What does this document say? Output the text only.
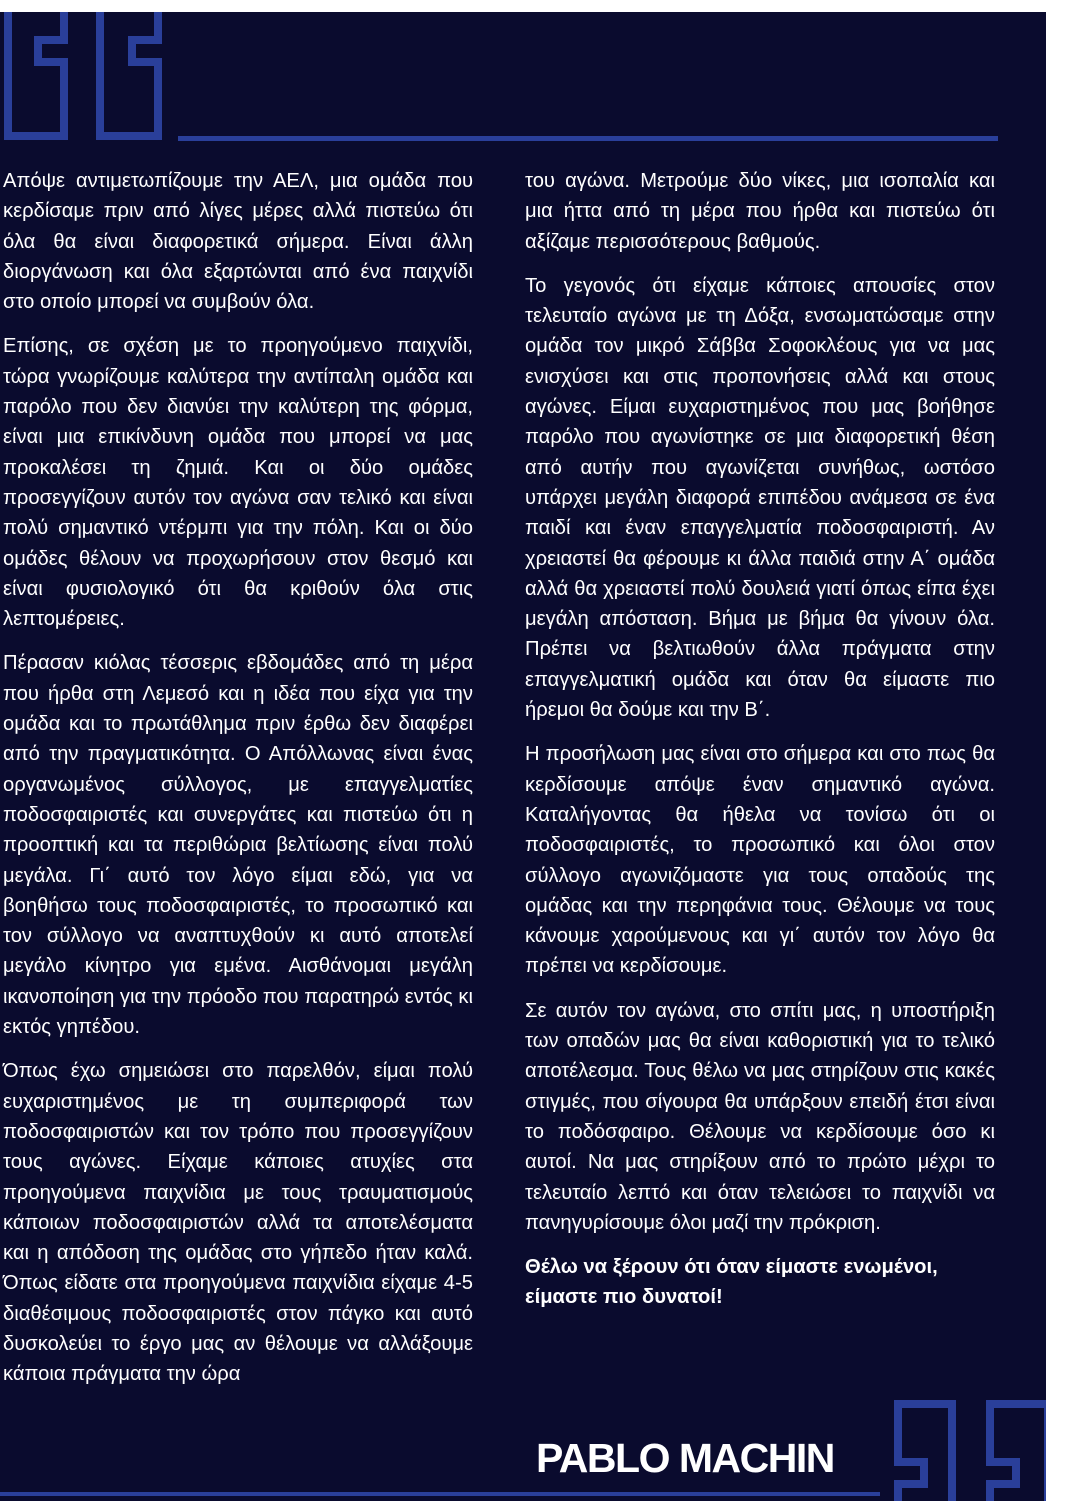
Απόψε αντιμετωπίζουμε την ΑΕΛ, μια ομάδα που κερδίσαμε πριν από λίγες μέρες αλλά πιστεύω ότι όλα θα είναι διαφορετικά σήμερα. Είναι άλλη διοργάνωση και όλα εξαρτώνται από ένα παιχνίδι στο οποίο μπορεί να συμβούν όλα.

Επίσης, σε σχέση με το προηγούμενο παιχνίδι, τώρα γνωρίζουμε καλύτερα την αντίπαλη ομάδα και παρόλο που δεν διανύει την καλύτερη της φόρμα, είναι μια επικίνδυνη ομάδα που μπορεί να μας προκαλέσει τη ζημιά. Και οι δύο ομάδες προσεγγίζουν αυτόν τον αγώνα σαν τελικό και είναι πολύ σημαντικό ντέρμπι για την πόλη. Και οι δύο ομάδες θέλουν να προχωρήσουν στον θεσμό και είναι φυσιολογικό ότι θα κριθούν όλα στις λεπτομέρειες.

Πέρασαν κιόλας τέσσερις εβδομάδες από τη μέρα που ήρθα στη Λεμεσό και η ιδέα που είχα για την ομάδα και το πρωτάθλημα πριν έρθω δεν διαφέρει από την πραγματικότητα. Ο Απόλλωνας είναι ένας οργανωμένος σύλλογος, με επαγγελματίες ποδοσφαιριστές και συνεργάτες και πιστεύω ότι η προοπτική και τα περιθώρια βελτίωσης είναι πολύ μεγάλα. Γι΄ αυτό τον λόγο είμαι εδώ, για να βοηθήσω τους ποδοσφαιριστές, το προσωπικό και τον σύλλογο να αναπτυχθούν κι αυτό αποτελεί μεγάλο κίνητρο για εμένα. Αισθάνομαι μεγάλη ικανοποίηση για την πρόοδο που παρατηρώ εντός κι εκτός γηπέδου.

Όπως έχω σημειώσει στο παρελθόν, είμαι πολύ ευχαριστημένος με τη συμπεριφορά των ποδοσφαιριστών και τον τρόπο που προσεγγίζουν τους αγώνες. Είχαμε κάποιες ατυχίες στα προηγούμενα παιχνίδια με τους τραυματισμούς κάποιων ποδοσφαιριστών αλλά τα αποτελέσματα και η απόδοση της ομάδας στο γήπεδο ήταν καλά. Όπως είδατε στα προηγούμενα παιχνίδια είχαμε 4-5 διαθέσιμους ποδοσφαιριστές στον πάγκο και αυτό δυσκολεύει το έργο μας αν θέλουμε να αλλάξουμε κάποια πράγματα την ώρα

του αγώνα. Μετρούμε δύο νίκες, μια ισοπαλία και μια ήττα από τη μέρα που ήρθα και πιστεύω ότι αξίζαμε περισσότερους βαθμούς.

Το γεγονός ότι είχαμε κάποιες απουσίες στον τελευταίο αγώνα με τη Δόξα, ενσωματώσαμε στην ομάδα τον μικρό Σάββα Σοφοκλέους για να μας ενισχύσει και στις προπονήσεις αλλά και στους αγώνες. Είμαι ευχαριστημένος που μας βοήθησε παρόλο που αγωνίστηκε σε μια διαφορετική θέση από αυτήν που αγωνίζεται συνήθως, ωστόσο υπάρχει μεγάλη διαφορά επιπέδου ανάμεσα σε ένα παιδί και έναν επαγγελματία ποδοσφαιριστή. Αν χρειαστεί θα φέρουμε κι άλλα παιδιά στην Α΄ ομάδα αλλά θα χρειαστεί πολύ δουλειά γιατί όπως είπα έχει μεγάλη απόσταση. Βήμα με βήμα θα γίνουν όλα. Πρέπει να βελτιωθούν άλλα πράγματα στην επαγγελματική ομάδα και όταν θα είμαστε πιο ήρεμοι θα δούμε και την Β΄.

Η προσήλωση μας είναι στο σήμερα και στο πως θα κερδίσουμε απόψε έναν σημαντικό αγώνα. Καταλήγοντας θα ήθελα να τονίσω ότι οι ποδοσφαιριστές, το προσωπικό και όλοι στον σύλλογο αγωνιζόμαστε για τους οπαδούς της ομάδας και την περηφάνια τους. Θέλουμε να τους κάνουμε χαρούμενους και γι΄ αυτόν τον λόγο θα πρέπει να κερδίσουμε.

Σε αυτόν τον αγώνα, στο σπίτι μας, η υποστήριξη των οπαδών μας θα είναι καθοριστική για το τελικό αποτέλεσμα. Τους θέλω να μας στηρίζουν στις κακές στιγμές, που σίγουρα θα υπάρξουν επειδή έτσι είναι το ποδόσφαιρο. Θέλουμε να κερδίσουμε όσο κι αυτοί. Να μας στηρίξουν από το πρώτο μέχρι το τελευταίο λεπτό και όταν τελειώσει το παιχνίδι να πανηγυρίσουμε όλοι μαζί την πρόκριση.

Θέλω να ξέρουν ότι όταν είμαστε ενωμένοι, είμαστε πιο δυνατοί!

PABLO MACHIN
